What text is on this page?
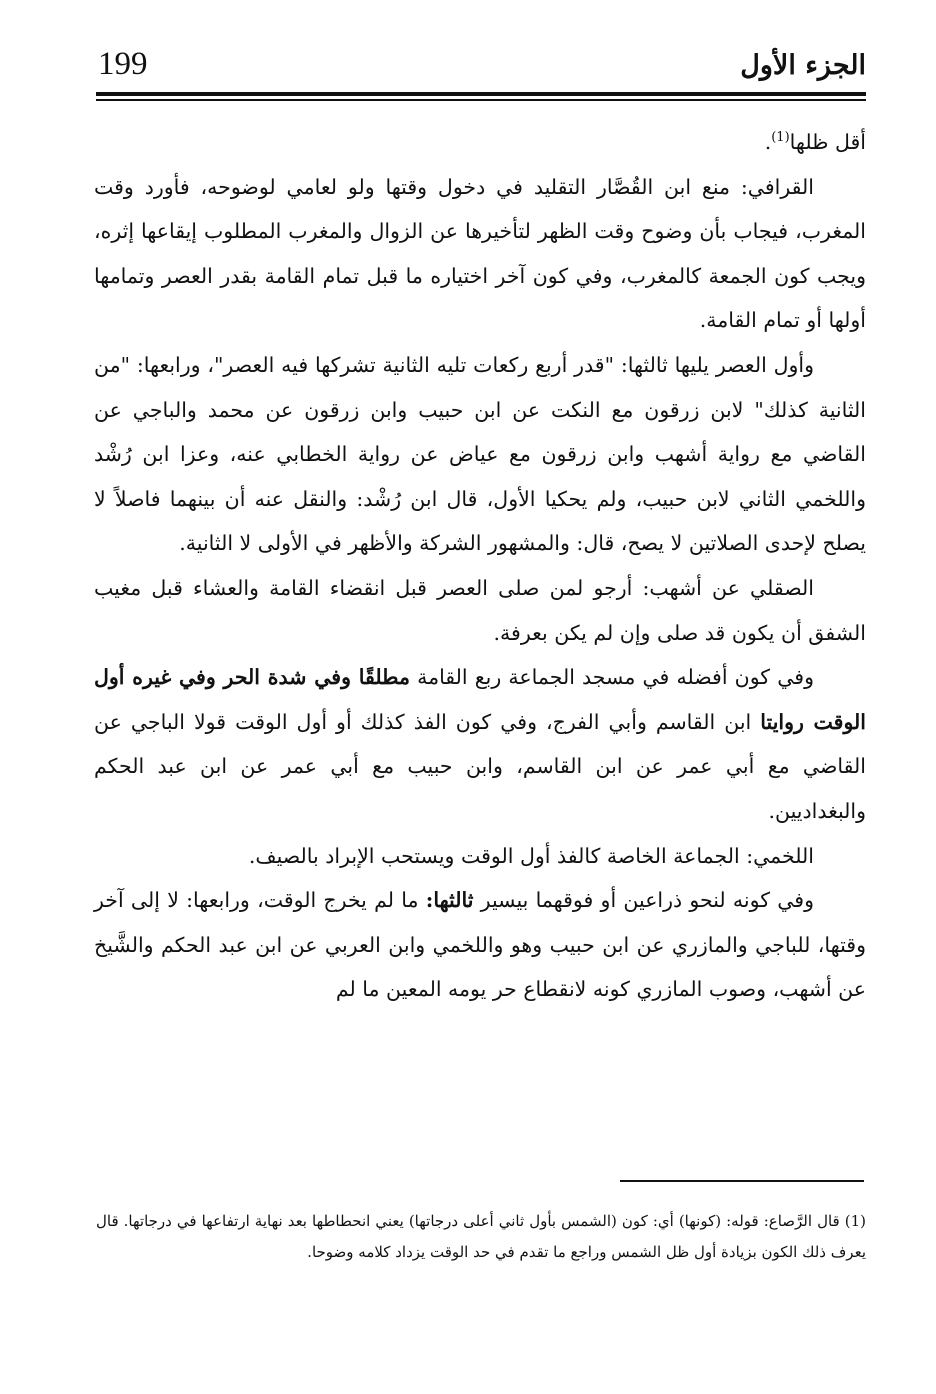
199	الجزء الأول

أقل ظلها$^{(1)}$.

القرافي: منع ابن القُصَّار التقليد في دخول وقتها ولو لعامي لوضوحه، فأورد وقت المغرب، فيجاب بأن وضوح وقت الظهر لتأخيرها عن الزوال والمغرب المطلوب إيقاعها إثره، ويجب كون الجمعة كالمغرب، وفي كون آخر اختياره ما قبل تمام القامة بقدر العصر وتمامها أولها أو تمام القامة.

وأول العصر يليها ثالثها: "قدر أربع ركعات تليه الثانية تشركها فيه العصر"، ورابعها: "من الثانية كذلك" لابن زرقون مع النكت عن ابن حبيب وابن زرقون عن محمد والباجي عن القاضي مع رواية أشهب وابن زرقون مع عياض عن رواية الخطابي عنه، وعزا ابن رُشْد واللخمي الثاني لابن حبيب، ولم يحكيا الأول، قال ابن رُشْد: والنقل عنه أن بينهما فاصلاً لا يصلح لإحدى الصلاتين لا يصح، قال: والمشهور الشركة والأظهر في الأولى لا الثانية.

الصقلي عن أشهب: أرجو لمن صلى العصر قبل انقضاء القامة والعشاء قبل مغيب الشفق أن يكون قد صلى وإن لم يكن بعرفة.

وفي كون أفضله في مسجد الجماعة ربع القامة مطلقًا وفي شدة الحر وفي غيره أول الوقت روايتا ابن القاسم وأبي الفرج، وفي كون الفذ كذلك أو أول الوقت قولا الباجي عن القاضي مع أبي عمر عن ابن القاسم، وابن حبيب مع أبي عمر عن ابن عبد الحكم والبغداديين.

اللخمي: الجماعة الخاصة كالفذ أول الوقت ويستحب الإبراد بالصيف.

وفي كونه لنحو ذراعين أو فوقهما بيسير ثالثها: ما لم يخرج الوقت، ورابعها: لا إلى آخر وقتها، للباجي والمازري عن ابن حبيب وهو واللخمي وابن العربي عن ابن عبد الحكم والشَّيخ عن أشهب، وصوب المازري كونه لانقطاع حر يومه المعين ما لم

(1) قال الرَّصاع: قوله: (كونها) أي: كون (الشمس بأول ثاني أعلى درجاتها) يعني انحطاطها بعد نهاية ارتفاعها في درجاتها. قال يعرف ذلك الكون بزيادة أول ظل الشمس وراجع ما تقدم في حد الوقت يزداد كلامه وضوحا.
